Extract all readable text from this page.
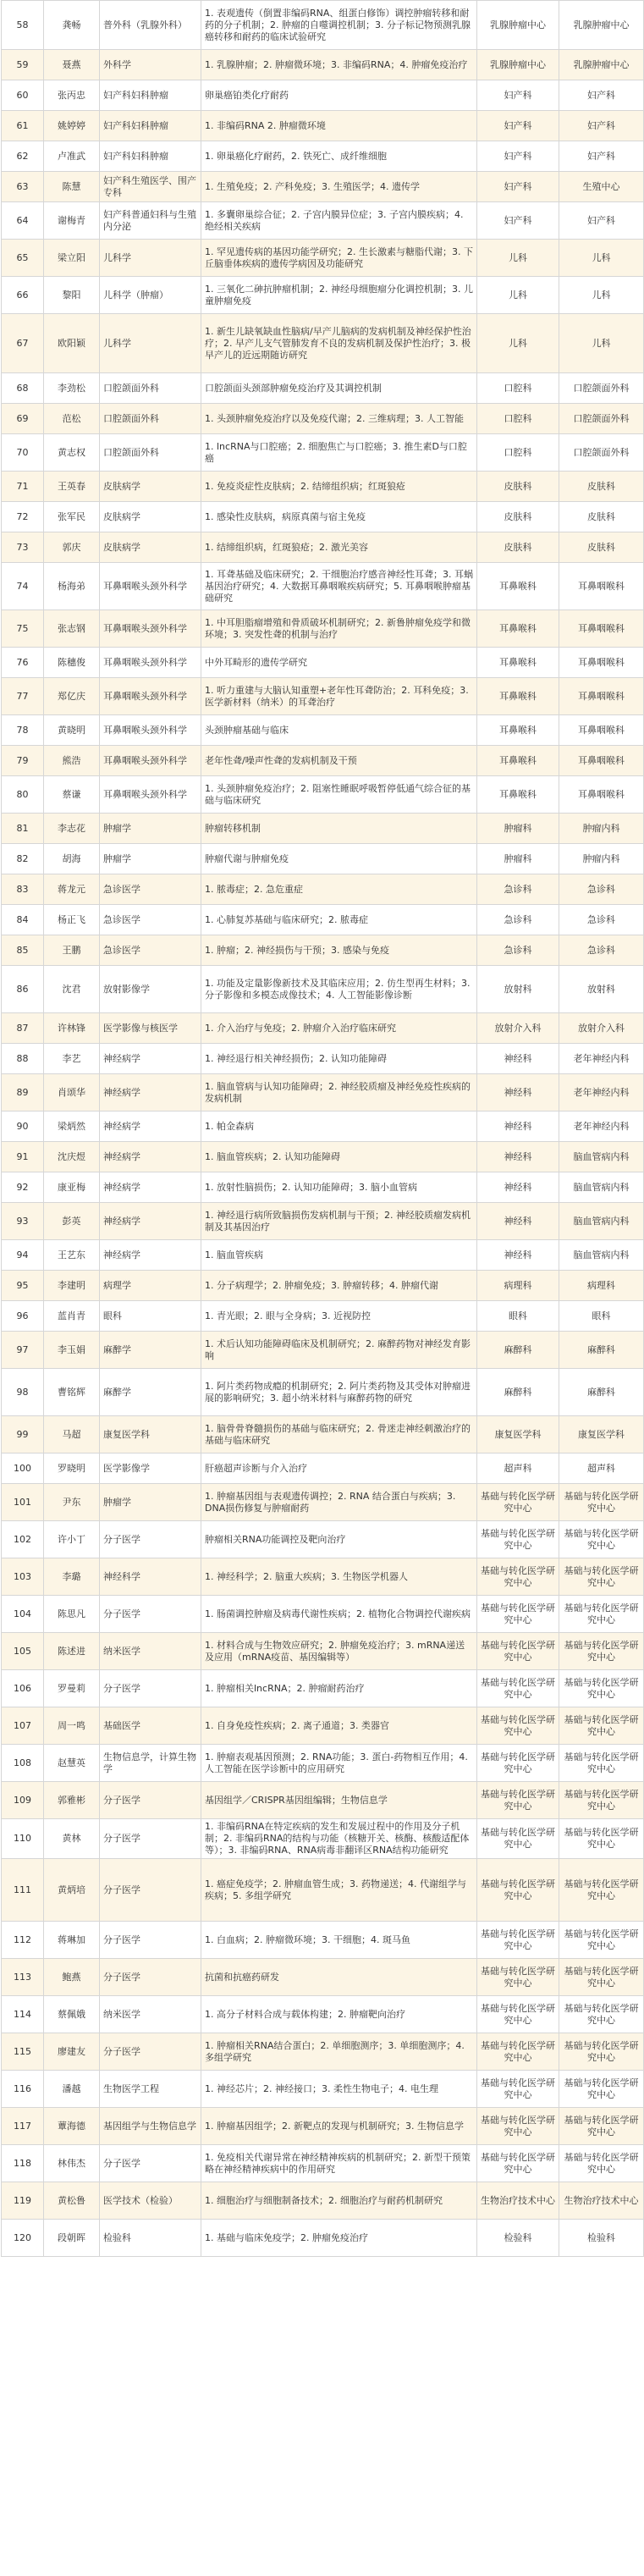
58	龚畅	普外科（乳腺外科）	1. 表观遗传（倒置非编码RNA、组蛋白修饰）调控肿瘤转移和耐药的分子机制；2. 肿瘤的自噬调控机制；3. 分子标记物预测乳腺癌转移和耐药的临床试验研究	乳腺肿瘤中心	乳腺肿瘤中心
59	聂燕	外科学	1. 乳腺肿瘤；2. 肿瘤微环境；3. 非编码RNA；4. 肿瘤免疫治疗	乳腺肿瘤中心	乳腺肿瘤中心
60	张丙忠	妇产科妇科肿瘤	卵巢癌铂类化疗耐药	妇产科	妇产科
61	姚婷婷	妇产科妇科肿瘤	1. 非编码RNA 2. 肿瘤微环境	妇产科	妇产科
62	卢准武	妇产科妇科肿瘤	1. 卵巢癌化疗耐药，2. 铁死亡、成纤维细胞	妇产科	妇产科
63	陈慧	妇产科生殖医学、围产专科	1. 生殖免疫；2. 产科免疫；3. 生殖医学；4. 遗传学	妇产科	生殖中心
64	谢梅青	妇产科普通妇科与生殖内分泌	1. 多囊卵巢综合征；2. 子宫内膜异位症；3. 子宫内膜疾病；4. 绝经相关疾病	妇产科	妇产科
65	梁立阳	儿科学	1. 罕见遗传病的基因功能学研究；2. 生长激素与糖脂代谢；3. 下丘脑垂体疾病的遗传学病因及功能研究	儿科	儿科
66	黎阳	儿科学（肿瘤）	1. 三氧化二砷抗肿瘤机制；2. 神经母细胞瘤分化调控机制；3. 儿童肿瘤免疫	儿科	儿科
67	欧阳颖	儿科学	1. 新生儿缺氧缺血性脑病/早产儿脑病的发病机制及神经保护性治疗；2. 早产儿支气管肺发育不良的发病机制及保护性治疗；3. 极早产儿的近远期随访研究	儿科	儿科
68	李劲松	口腔颌面外科	口腔颌面头颈部肿瘤免疫治疗及其调控机制	口腔科	口腔颌面外科
69	范松	口腔颌面外科	1. 头颈肿瘤免疫治疗以及免疫代谢；2. 三维病理；3. 人工智能	口腔科	口腔颌面外科
70	黄志权	口腔颌面外科	1. lncRNA与口腔癌；2. 细胞焦亡与口腔癌；3. 推生素D与口腔癌	口腔科	口腔颌面外科
71	王英春	皮肤病学	1. 免疫炎症性皮肤病；2. 结缔组织病；红斑狼疮	皮肤科	皮肤科
72	张军民	皮肤病学	1. 感染性皮肤病，病原真菌与宿主免疫	皮肤科	皮肤科
73	郭庆	皮肤病学	1. 结缔组织病，红斑狼疮；2. 激光美容	皮肤科	皮肤科
74	杨海弟	耳鼻咽喉头颈外科学	1. 耳聋基础及临床研究；2. 干细胞治疗感音神经性耳聋；3. 耳蜗基因治疗研究；4. 大数据耳鼻咽喉疾病研究；5. 耳鼻咽喉肿瘤基础研究	耳鼻喉科	耳鼻咽喉科
75	张志钢	耳鼻咽喉头颈外科学	1. 中耳胆脂瘤增殖和骨质破坏机制研究；2. 新鲁肿瘤免疫学和微环境；3. 突发性聋的机制与治疗	耳鼻喉科	耳鼻咽喉科
76	陈穗俊	耳鼻咽喉头颈外科学	中外耳畸形的遗传学研究	耳鼻喉科	耳鼻咽喉科
77	郑亿庆	耳鼻咽喉头颈外科学	1. 听力重建与大脑认知重塑+老年性耳聋防治；2. 耳科免疫；3. 医学新材料（纳米）的耳聋治疗	耳鼻喉科	耳鼻咽喉科
78	黄晓明	耳鼻咽喉头颈外科学	头颈肿瘤基础与临床	耳鼻喉科	耳鼻咽喉科
79	熊浩	耳鼻咽喉头颈外科学	老年性聋/噪声性聋的发病机制及干预	耳鼻喉科	耳鼻咽喉科
80	蔡谦	耳鼻咽喉头颈外科学	1. 头颈肿瘤免疫治疗；2. 阻塞性睡眠呼吸暂停低通气综合征的基础与临床研究	耳鼻喉科	耳鼻咽喉科
81	李志花	肿瘤学	肿瘤转移机制	肿瘤科	肿瘤内科
82	胡海	肿瘤学	肿瘤代谢与肿瘤免疫	肿瘤科	肿瘤内科
83	蒋龙元	急诊医学	1. 脓毒症；2. 急危重症	急诊科	急诊科
84	杨正飞	急诊医学	1. 心肺复苏基础与临床研究；2. 脓毒症	急诊科	急诊科
85	王鹏	急诊医学	1. 肿瘤；2. 神经损伤与干预；3. 感染与免疫	急诊科	急诊科
86	沈君	放射影像学	1. 功能及定量影像新技术及其临床应用；2. 仿生型再生材料；3. 分子影像和多模态成像技术；4. 人工智能影像诊断	放射科	放射科
87	许林锋	医学影像与核医学	1. 介入治疗与免疫；2. 肿瘤介入治疗临床研究	放射介入科	放射介入科
88	李艺	神经病学	1. 神经退行相关神经损伤；2. 认知功能障碍	神经科	老年神经内科
89	肖颂华	神经病学	1. 脑血管病与认知功能障碍；2. 神经胶质瘤及神经免疫性疾病的发病机制	神经科	老年神经内科
90	梁炳然	神经病学	1. 帕金森病	神经科	老年神经内科
91	沈庆煜	神经病学	1. 脑血管疾病；2. 认知功能障碍	神经科	脑血管病内科
92	康亚梅	神经病学	1. 放射性脑损伤；2. 认知功能障碍；3. 脑小血管病	神经科	脑血管病内科
93	彭英	神经病学	1. 神经退行病所致脑损伤发病机制与干预；2. 神经胶质瘤发病机制及其基因治疗	神经科	脑血管病内科
94	王艺东	神经病学	1. 脑血管疾病	神经科	脑血管病内科
95	李建明	病理学	1. 分子病理学；2. 肿瘤免疫；3. 肿瘤转移；4. 肿瘤代谢	病理科	病理科
96	蓝肖青	眼科	1. 青光眼；2. 眼与全身病；3. 近视防控	眼科	眼科
97	李玉娟	麻醉学	1. 术后认知功能障碍临床及机制研究；2. 麻醉药物对神经发育影响	麻醉科	麻醉科
98	曹铭辉	麻醉学	1. 阿片类药物成瘾的机制研究；2. 阿片类药物及其受体对肿瘤进展的影响研究；3. 超小纳米材料与麻醉药物的研究	麻醉科	麻醉科
99	马超	康复医学科	1. 脑骨骨脊髓损伤的基础与临床研究；2. 骨迷走神经刺激治疗的基础与临床研究	康复医学科	康复医学科
100	罗晓明	医学影像学	肝癌超声诊断与介入治疗	超声科	超声科
101	尹东	肿瘤学	1. 肿瘤基因组与表观遗传调控；2. RNA 结合蛋白与疾病；3. DNA损伤修复与肿瘤耐药	基础与转化医学研究中心	基础与转化医学研究中心
102	许小丁	分子医学	肿瘤相关RNA功能调控及靶向治疗	基础与转化医学研究中心	基础与转化医学研究中心
103	李璐	神经科学	1. 神经科学；2. 脑重大疾病；3. 生物医学机器人	基础与转化医学研究中心	基础与转化医学研究中心
104	陈思凡	分子医学	1. 肠菌调控肿瘤及病毒代谢性疾病；2. 植物化合物调控代谢疾病	基础与转化医学研究中心	基础与转化医学研究中心
105	陈述进	纳米医学	1. 材料合成与生物效应研究；2. 肿瘤免疫治疗；3. mRNA递送及应用（mRNA疫苗、基因编辑等）	基础与转化医学研究中心	基础与转化医学研究中心
106	罗曼莉	分子医学	1. 肿瘤相关lncRNA；2. 肿瘤耐药治疗	基础与转化医学研究中心	基础与转化医学研究中心
107	周一鸣	基础医学	1. 自身免疫性疾病；2. 离子通道；3. 类器官	基础与转化医学研究中心	基础与转化医学研究中心
108	赵慧英	生物信息学，计算生物学	1. 肿瘤表观基因预测；2. RNA功能；3. 蛋白-药物相互作用；4. 人工智能在医学诊断中的应用研究	基础与转化医学研究中心	基础与转化医学研究中心
109	郭雅彬	分子医学	基因组学／CRISPR基因组编辑；生物信息学	基础与转化医学研究中心	基础与转化医学研究中心
110	黄林	分子医学	1. 非编码RNA在特定疾病的发生和发展过程中的作用及分子机制；2. 非编码RNA的结构与功能（核糖开关、核酶、核酸适配体等）；3. 非编码RNA、RNA病毒非翻译区RNA结构功能研究	基础与转化医学研究中心	基础与转化医学研究中心
111	黄炳培	分子医学	1. 癌症免疫学；2. 肿瘤血管生成；3. 药物递送；4. 代谢组学与疾病；5. 多组学研究	基础与转化医学研究中心	基础与转化医学研究中心
112	蒋琳加	分子医学	1. 白血病；2. 肿瘤微环境；3. 干细胞；4. 斑马鱼	基础与转化医学研究中心	基础与转化医学研究中心
113	鲍燕	分子医学	抗菌和抗癌药研发	基础与转化医学研究中心	基础与转化医学研究中心
114	蔡佩娥	纳米医学	1. 高分子材料合成与载体构建；2. 肿瘤靶向治疗	基础与转化医学研究中心	基础与转化医学研究中心
115	廖建友	分子医学	1. 肿瘤相关RNA结合蛋白；2. 单细胞测序；3. 单细胞测序；4. 多组学研究	基础与转化医学研究中心	基础与转化医学研究中心
116	潘越	生物医学工程	1. 神经芯片；2. 神经接口；3. 柔性生物电子；4. 电生理	基础与转化医学研究中心	基础与转化医学研究中心
117	蕈海德	基因组学与生物信息学	1. 肿瘤基因组学；2. 新靶点的发现与机制研究；3. 生物信息学	基础与转化医学研究中心	基础与转化医学研究中心
118	林伟杰	分子医学	1. 免疫相关代谢异常在神经精神疾病的机制研究；2. 新型干预策略在神经精神疾病中的作用研究	基础与转化医学研究中心	基础与转化医学研究中心
119	黄松鲁	医学技术（检验）	1. 细胞治疗与细胞制备技术；2. 细胞治疗与耐药机制研究	生物治疗技术中心	生物治疗技术中心
120	段朝晖	检验科	1. 基础与临床免疫学；2. 肿瘤免疫治疗	检验科	检验科
